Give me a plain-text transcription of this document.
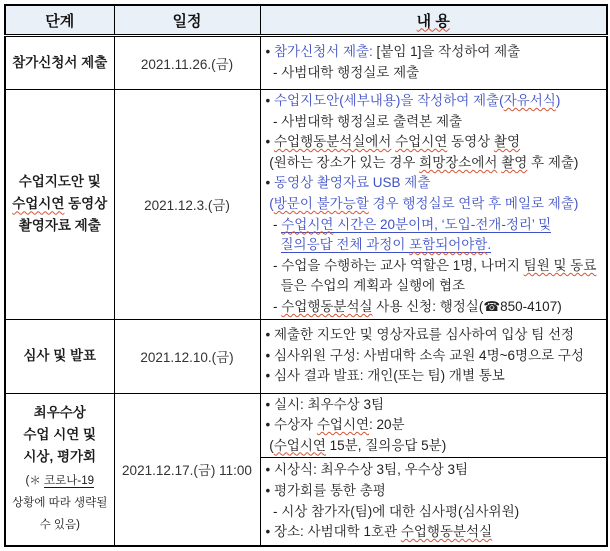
단계	일정	내 용

참가신청서 제출	2021.11.26.(금)	• 참가신청서 제출: [붙임 1]을 작성하여 제출
- 사범대학 행정실로 제출

수업지도안 및
수업시연 동영상
촬영자료 제출
	2021.12.3.(금)	
• 수업지도안(세부내용)을 작성하여 제출(자유서식)
- 사범대학 행정실로 출력본 제출
• 수업행동분석실에서 수업시연 동영상 촬영
(원하는 장소가 있는 경우 희망장소에서 촬영 후 제출)
• 동영상 촬영자료 USB 제출
(방문이 불가능할 경우 행정실로 연락 후 메일로 제출)
- 수업시연 시간은 20분이며, ‘도입-전개-정리’ 및
질의응답 전체 과정이 포함되어야함.
- 수업을 수행하는 교사 역할은 1명, 나머지 팀원 및 동료
들은 수업의 계획과 실행에 협조
- 수업행동분석실 사용 신청: 행정실(☎850-4107)

심사 및 발표	2021.12.10.(금)	• 제출한 지도안 및 영상자료를 심사하여 입상 팀 선정
• 심사위원 구성: 사범대학 소속 교원 4명~6명으로 구성
• 심사 결과 발표: 개인(또는 팀) 개별 통보

최우수상
수업 시연 및
시상, 평가회
(＊ 코로나-19
상황에 따라 생략될
수 있음)
	2021.12.17.(금) 11:00	
• 실시: 최우수상 3팀
• 수상자 수업시연: 20분
(수업시연 15분, 질의응답 5분)

		• 시상식: 최우수상 3팀, 우수상 3팀
• 평가회를 통한 총평
- 시상 참가자(팀)에 대한 심사평(심사위원)
• 장소: 사범대학 1호관 수업행동분석실
